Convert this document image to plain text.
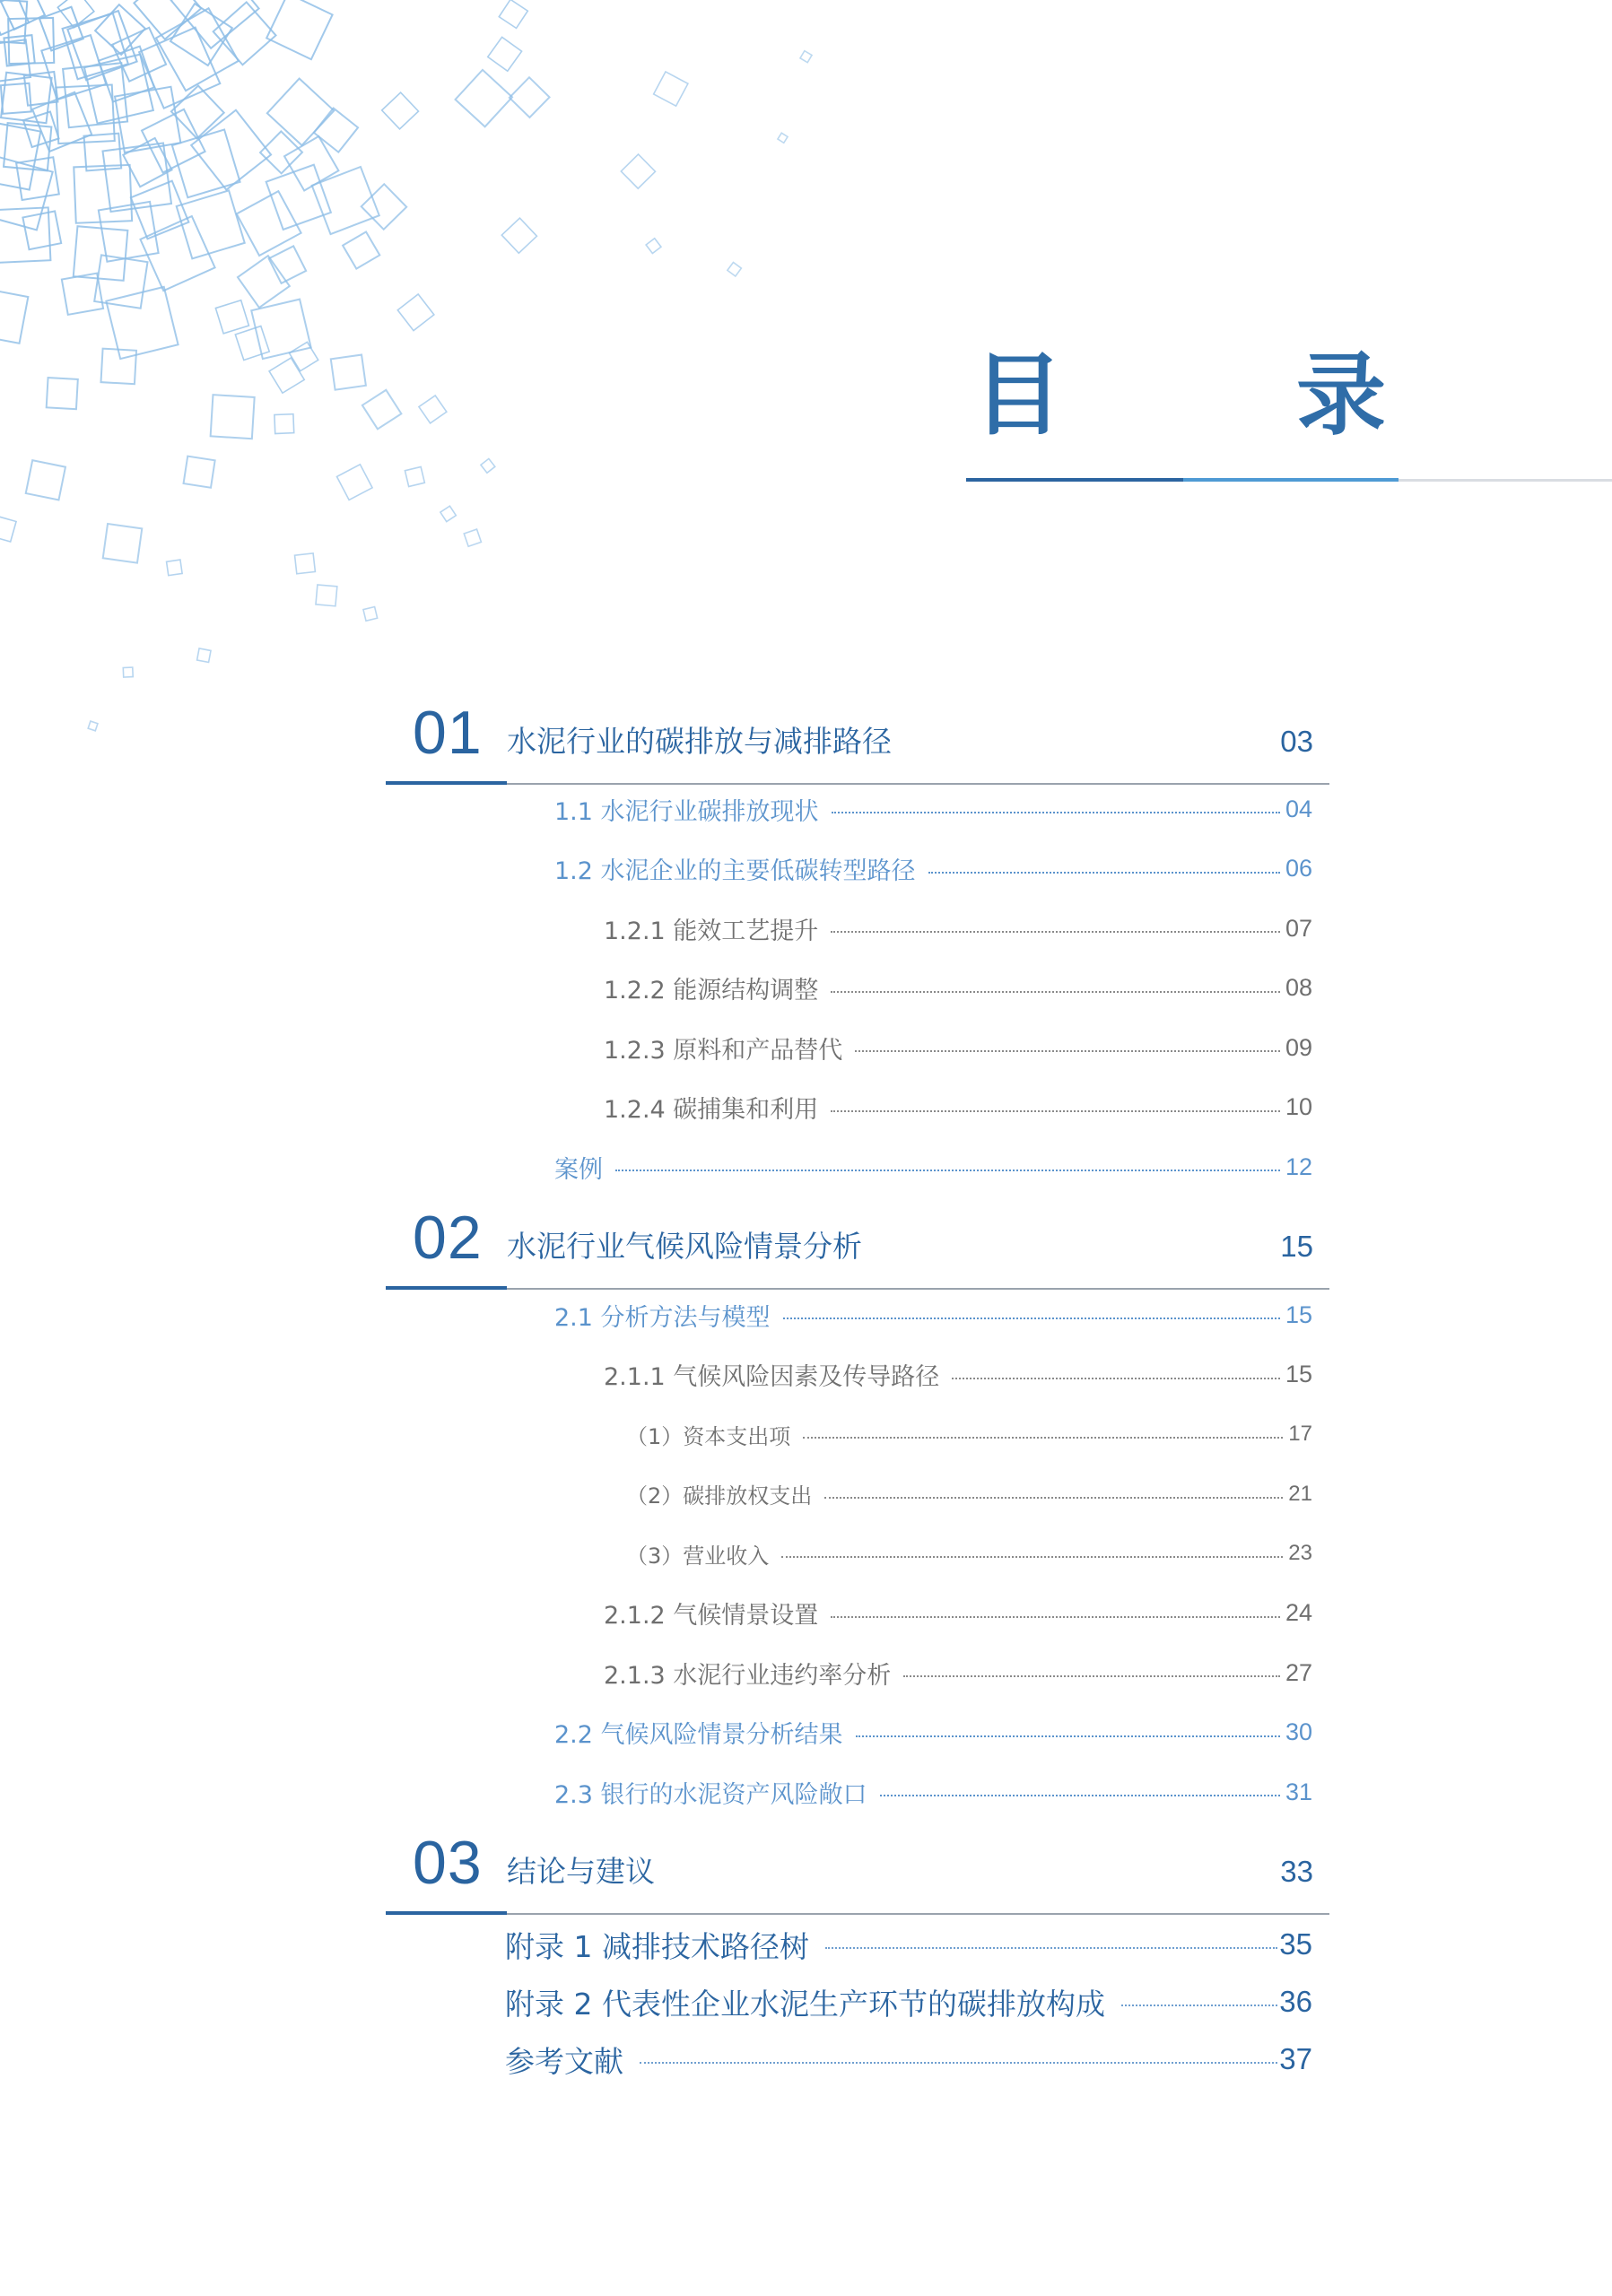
目　录
01 水泥行业的碳排放与减排路径	03
1.1 水泥行业碳排放现状	04
1.2 水泥企业的主要低碳转型路径	06
1.2.1 能效工艺提升	07
1.2.2 能源结构调整	08
1.2.3 原料和产品替代	09
1.2.4 碳捕集和利用	10
案例	12
02 水泥行业气候风险情景分析	15
2.1 分析方法与模型	15
2.1.1 气候风险因素及传导路径	15
（1）资本支出项	17
（2）碳排放权支出	21
（3）营业收入	23
2.1.2 气候情景设置	24
2.1.3 水泥行业违约率分析	27
2.2 气候风险情景分析结果	30
2.3 银行的水泥资产风险敞口	31
03 结论与建议	33
附录 1 减排技术路径树	35
附录 2 代表性企业水泥生产环节的碳排放构成	36
参考文献	37
